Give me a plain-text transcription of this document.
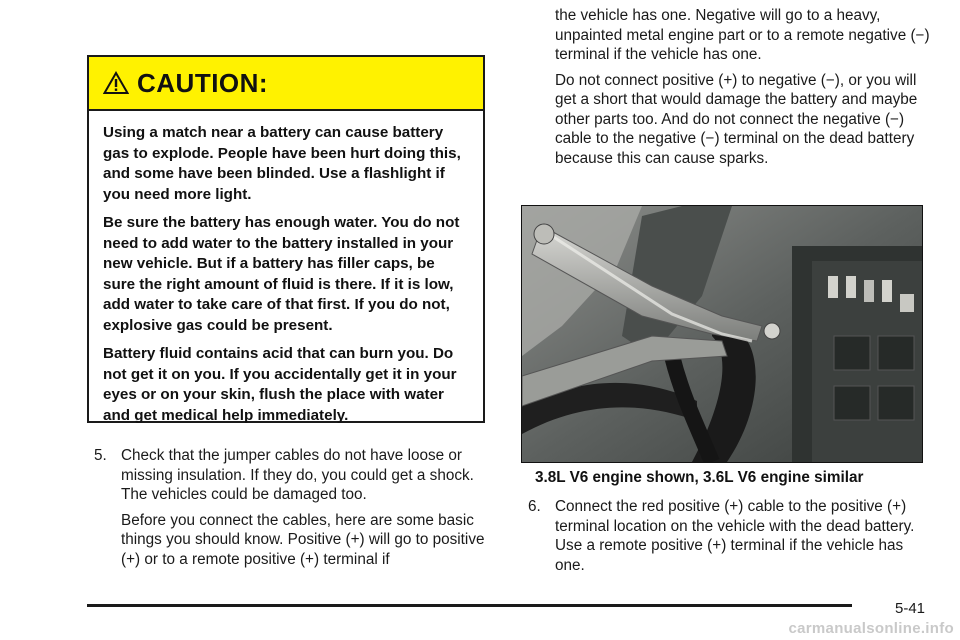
CAUTION:

Using a match near a battery can cause battery gas to explode. People have been hurt doing this, and some have been blinded. Use a flashlight if you need more light.

Be sure the battery has enough water. You do not need to add water to the battery installed in your new vehicle. But if a battery has filler caps, be sure the right amount of fluid is there. If it is low, add water to take care of that first. If you do not, explosive gas could be present.

Battery fluid contains acid that can burn you. Do not get it on you. If you accidentally get it in your eyes or on your skin, flush the place with water and get medical help immediately.

5. Check that the jumper cables do not have loose or missing insulation. If they do, you could get a shock. The vehicles could be damaged too.

Before you connect the cables, here are some basic things you should know. Positive (+) will go to positive (+) or to a remote positive (+) terminal if

the vehicle has one. Negative will go to a heavy, unpainted metal engine part or to a remote negative (−) terminal if the vehicle has one.

Do not connect positive (+) to negative (−), or you will get a short that would damage the battery and maybe other parts too. And do not connect the negative (−) cable to the negative (−) terminal on the dead battery because this can cause sparks.

3.8L V6 engine shown, 3.6L V6 engine similar
6. Connect the red positive (+) cable to the positive (+) terminal location on the vehicle with the dead battery. Use a remote positive (+) terminal if the vehicle has one.

5-41
carmanualsonline.info
